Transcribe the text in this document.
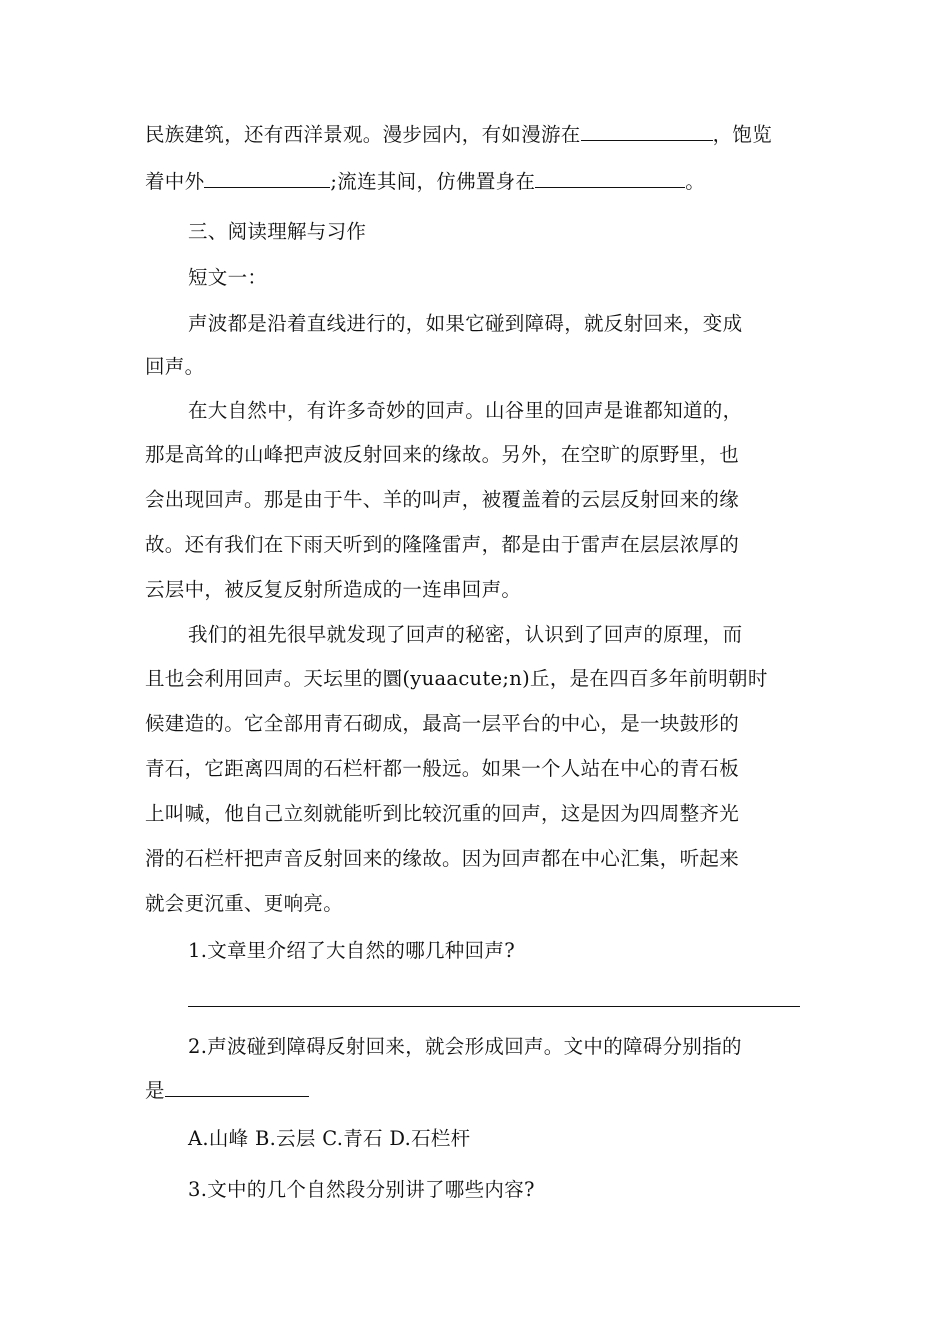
民族建筑，还有西洋景观。漫步园内，有如漫游在	，饱览
着中外	;流连其间，仿佛置身在	。
三、阅读理解与习作
短文一：
声波都是沿着直线进行的，如果它碰到障碍，就反射回来，变成
回声。
在大自然中，有许多奇妙的回声。山谷里的回声是谁都知道的，
那是高耸的山峰把声波反射回来的缘故。另外，在空旷的原野里，也
会出现回声。那是由于牛、羊的叫声，被覆盖着的云层反射回来的缘
故。还有我们在下雨天听到的隆隆雷声，都是由于雷声在层层浓厚的
云层中，被反复反射所造成的一连串回声。
我们的祖先很早就发现了回声的秘密，认识到了回声的原理，而
且也会利用回声。天坛里的圜(yuaacute;n)丘，是在四百多年前明朝时
候建造的。它全部用青石砌成，最高一层平台的中心，是一块鼓形的
青石，它距离四周的石栏杆都一般远。如果一个人站在中心的青石板
上叫喊，他自己立刻就能听到比较沉重的回声，这是因为四周整齐光
滑的石栏杆把声音反射回来的缘故。因为回声都在中心汇集，听起来
就会更沉重、更响亮。
1.文章里介绍了大自然的哪几种回声?
2.声波碰到障碍反射回来，就会形成回声。文中的障碍分别指的
是
A.山峰 B.云层 C.青石 D.石栏杆
3.文中的几个自然段分别讲了哪些内容?
